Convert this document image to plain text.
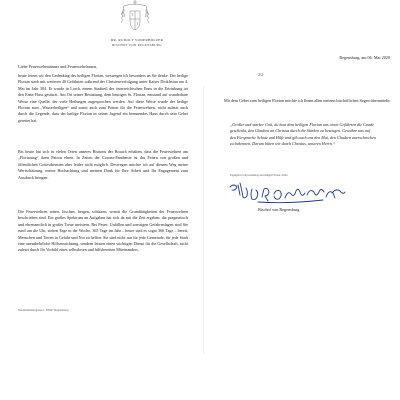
DR. RUDOLF VODERHOLZER
BISCHOF VON REGENSBURG
Regensburg, am 06. Mai 2020
Liebe Feuerwehrmänner und Feuerwehrfrauen,
heute feiern wir den Gedenktag des heiligen Florian, weswegen ich besonders an Sie denke. Der heilige Florian starb mit weiteren 40 Gefährten während der Christenverfolgung unter Kaiser Diokletian am 4. Mai im Jahr 304. Er wurde in Lorch, einem Stadtteil des österreichischen Enns in die Ertrinkung tot den Enns-Fluss gestürzt. Am Ort seiner Bestattung, dem heutigen St. Florian, entstand auf wunderbare Weise eine Quelle, der viele Heilungen zugesprochen werden. Auf diese Weise wurde der heilige Florian zum „Wasserheiligen“ und somit auch zum Patron für die Feuerwehren, nicht zuletzt auch durch die Legende, dass der heilige Florian in seiner Jugend ein brennendes Haus durch sein Gebet gerettet hat.
Bis heute hat sich in vielen Orten unseres Bistums der Brauch erhalten, dass die Feuerwehren am „Floriantag“ ihren Patron ehren. In Zeiten der Corona-Pandemie ist das Feiern von großen und öffentlichen Gottesdiensten aber leider nicht möglich. Deswegen möchte ich auf diesem Weg meine Wertschätzung, meine Hochachtung und meinen Dank für Ihre Arbeit und Ihr Engagement zum Ausdruck bringen.
Die Feuerwehren retten, löschen, bergen, schützen, womit die Grundtätigkeiten der Feuerwehren beschrieben sind. Ein großes Spektrum an Aufgaben hat sich da mit die Zeit ergeben, die pragmatisch und ehrenamtlich in großer Treue meistern. Bei Feuer, Unfällen und sonstigen Gefahrenlagen sind Sie rund um die Uhr, sieben Tage in der Woche, 365 Tage im Jahr – heuer sind es sogar 366 Tage – bereit, Menschen und Tieren in Gefahr und Not zu helfen. Sie sind nicht nur für jede Gemeinde, für jede Stadt eine unentbehrliche Hilfseinrichtung, sondern leisten einen wichtigen Dienst für die Gesellschaft, nicht zuletzt durch Ihr Vorbild eines selbstlosen und hilfsbereiten Miteinanders.
Niedermünstergasse 1, 93047 Regensburg
2/2
Mit dem Gebet zum heiligen Florian möchte ich Ihnen allen meinen bischöflichen Segen übermitteln:
„Großer und starker Gott, du hast dem heiligen Florian uns einen Gefährten die Gnade geschenkt, den Glauben an Christus durch die Stürken zu bezeugen. Gewähre uns auf den Fürsprache Schutz und Hilfe und gib auch uns den Mut, den Glauben unerschrocken zu bekennen. Darum bitten wir durch Christus, unseren Herrn.“
Tagesgebet vom Gedenktag des heiligen Florian, 4.Mai
Bischof von Regensburg
